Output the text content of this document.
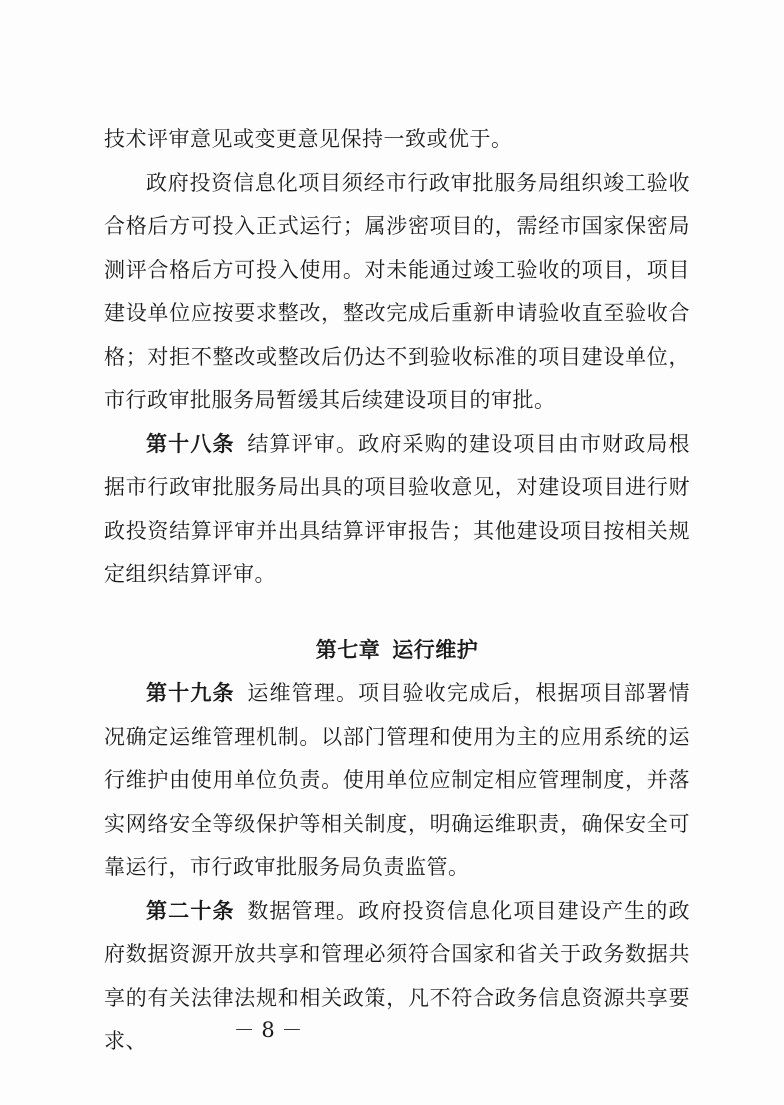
技术评审意见或变更意见保持一致或优于。

政府投资信息化项目须经市行政审批服务局组织竣工验收合格后方可投入正式运行；属涉密项目的，需经市国家保密局测评合格后方可投入使用。对未能通过竣工验收的项目，项目建设单位应按要求整改，整改完成后重新申请验收直至验收合格；对拒不整改或整改后仍达不到验收标准的项目建设单位，市行政审批服务局暂缓其后续建设项目的审批。

第十八条 结算评审。政府采购的建设项目由市财政局根据市行政审批服务局出具的项目验收意见，对建设项目进行财政投资结算评审并出具结算评审报告；其他建设项目按相关规定组织结算评审。

第七章 运行维护

第十九条 运维管理。项目验收完成后，根据项目部署情况确定运维管理机制。以部门管理和使用为主的应用系统的运行维护由使用单位负责。使用单位应制定相应管理制度，并落实网络安全等级保护等相关制度，明确运维职责，确保安全可靠运行，市行政审批服务局负责监管。

第二十条 数据管理。政府投资信息化项目建设产生的政府数据资源开放共享和管理必须符合国家和省关于政务数据共享的有关法律法规和相关政策，凡不符合政务信息资源共享要求、	－ 8 －
